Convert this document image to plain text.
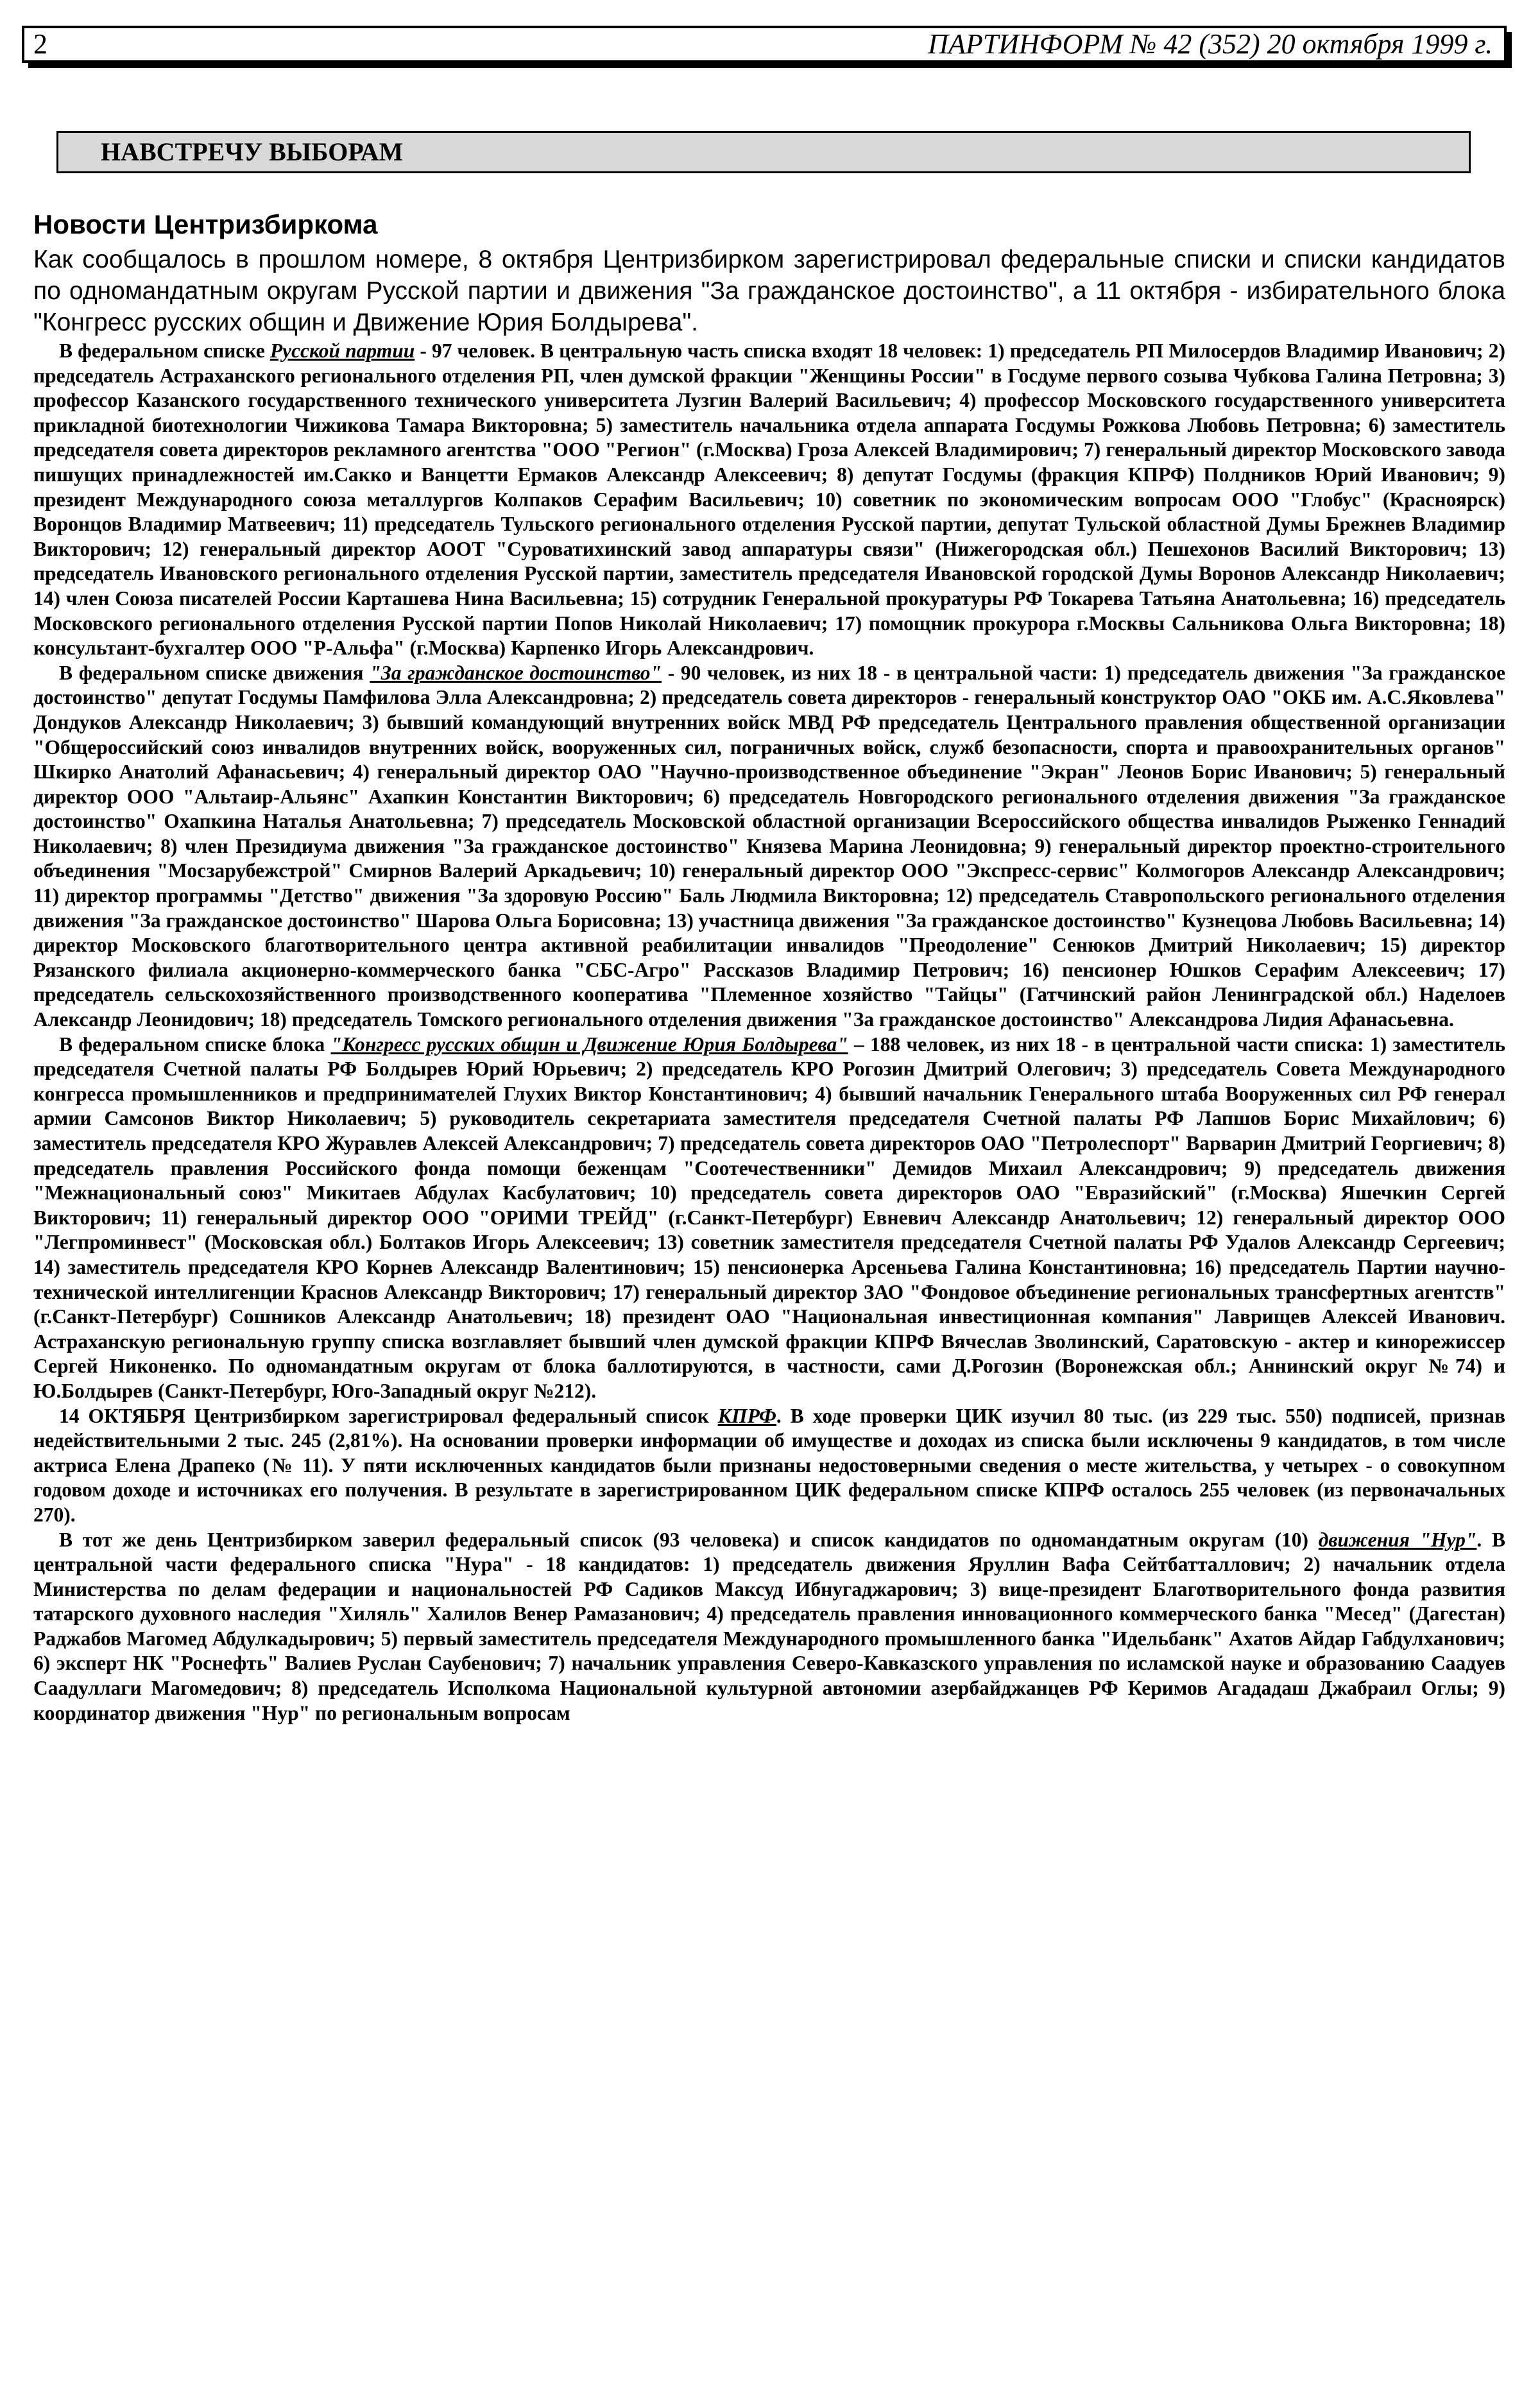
2	ПАРТИНФОРМ № 42 (352) 20 октября 1999 г.
НАВСТРЕЧУ ВЫБОРАМ
Новости Центризбиркома

Как сообщалось в прошлом номере, 8 октября Центризбирком зарегистрировал федеральные списки и списки кандидатов по одномандатным округам Русской партии и движения "За гражданское достоинство", а 11 октября - избирательного блока "Конгресс русских общин и Движение Юрия Болдырева".

В федеральном списке Русской партии - 97 человек. В центральную часть списка входят 18 человек: 1) председатель РП Милосердов Владимир Иванович; 2) председатель Астраханского регионального отделения РП, член думской фракции "Женщины России" в Госдуме первого созыва Чубкова Галина Петровна; 3) профессор Казанского государственного технического университета Лузгин Валерий Васильевич; 4) профессор Московского государственного университета прикладной биотехнологии Чижикова Тамара Викторовна; 5) заместитель начальника отдела аппарата Госдумы Рожкова Любовь Петровна; 6) заместитель председателя совета директоров рекламного агентства "ООО "Регион" (г.Москва) Гроза Алексей Владимирович; 7) генеральный директор Московского завода пишущих принадлежностей им.Сакко и Ванцетти Ермаков Александр Алексеевич; 8) депутат Госдумы (фракция КПРФ) Полдников Юрий Иванович; 9) президент Международного союза металлургов Колпаков Серафим Васильевич; 10) советник по экономическим вопросам ООО "Глобус" (Красноярск) Воронцов Владимир Матвеевич; 11) председатель Тульского регионального отделения Русской партии, депутат Тульской областной Думы Брежнев Владимир Викторович; 12) генеральный директор АООТ "Суроватихинский завод аппаратуры связи" (Нижегородская обл.) Пешехонов Василий Викторович; 13) председатель Ивановского регионального отделения Русской партии, заместитель председателя Ивановской городской Думы Воронов Александр Николаевич; 14) член Союза писателей России Карташева Нина Васильевна; 15) сотрудник Генеральной прокуратуры РФ Токарева Татьяна Анатольевна; 16) председатель Московского регионального отделения Русской партии Попов Николай Николаевич; 17) помощник прокурора г.Москвы Сальникова Ольга Викторовна; 18) консультант-бухгалтер ООО "Р-Альфа" (г.Москва) Карпенко Игорь Александрович.

В федеральном списке движения "За гражданское достоинство" - 90 человек, из них 18 - в центральной части: 1) председатель движения "За гражданское достоинство" депутат Госдумы Памфилова Элла Александровна; 2) председатель совета директоров - генеральный конструктор ОАО "ОКБ им. А.С.Яковлева" Дондуков Александр Николаевич; 3) бывший командующий внутренних войск МВД РФ председатель Центрального правления общественной организации "Общероссийский союз инвалидов внутренних войск, вооруженных сил, пограничных войск, служб безопасности, спорта и правоохранительных органов" Шкирко Анатолий Афанасьевич; 4) генеральный директор ОАО "Научно-производственное объединение "Экран" Леонов Борис Иванович; 5) генеральный директор ООО "Альтаир-Альянс" Ахапкин Константин Викторович; 6) председатель Новгородского регионального отделения движения "За гражданское достоинство" Охапкина Наталья Анатольевна; 7) председатель Московской областной организации Всероссийского общества инвалидов Рыженко Геннадий Николаевич; 8) член Президиума движения "За гражданское достоинство" Князева Марина Леонидовна; 9) генеральный директор проектно-строительного объединения "Мосзарубежстрой" Смирнов Валерий Аркадьевич; 10) генеральный директор ООО "Экспресс-сервис" Колмогоров Александр Александрович; 11) директор программы "Детство" движения "За здоровую Россию" Баль Людмила Викторовна; 12) председатель Ставропольского регионального отделения движения "За гражданское достоинство" Шарова Ольга Борисовна; 13) участница движения "За гражданское достоинство" Кузнецова Любовь Васильевна; 14) директор Московского благотворительного центра активной реабилитации инвалидов "Преодоление" Сенюков Дмитрий Николаевич; 15) директор Рязанского филиала акционерно-коммерческого банка "СБС-Агро" Рассказов Владимир Петрович; 16) пенсионер Юшков Серафим Алексеевич; 17) председатель сельскохозяйственного производственного кооператива "Племенное хозяйство "Тайцы" (Гатчинский район Ленинградской обл.) Наделоев Александр Леонидович; 18) председатель Томского регионального отделения движения "За гражданское достоинство" Александрова Лидия Афанасьевна.

В федеральном списке блока "Конгресс русских общин и Движение Юрия Болдырева" – 188 человек, из них 18 - в центральной части списка: 1) заместитель председателя Счетной палаты РФ Болдырев Юрий Юрьевич; 2) председатель КРО Рогозин Дмитрий Олегович; 3) председатель Совета Международного конгресса промышленников и предпринимателей Глухих Виктор Константинович; 4) бывший начальник Генерального штаба Вооруженных сил РФ генерал армии Самсонов Виктор Николаевич; 5) руководитель секретариата заместителя председателя Счетной палаты РФ Лапшов Борис Михайлович; 6) заместитель председателя КРО Журавлев Алексей Александрович; 7) председатель совета директоров ОАО "Петролеспорт" Варварин Дмитрий Георгиевич; 8) председатель правления Российского фонда помощи беженцам "Соотечественники" Демидов Михаил Александрович; 9) председатель движения "Межнациональный союз" Микитаев Абдулах Касбулатович; 10) председатель совета директоров ОАО "Евразийский" (г.Москва) Яшечкин Сергей Викторович; 11) генеральный директор ООО "ОРИМИ ТРЕЙД" (г.Санкт-Петербург) Евневич Александр Анатольевич; 12) генеральный директор ООО "Легпроминвест" (Московская обл.) Болтаков Игорь Алексеевич; 13) советник заместителя председателя Счетной палаты РФ Удалов Александр Сергеевич; 14) заместитель председателя КРО Корнев Александр Валентинович; 15) пенсионерка Арсеньева Галина Константиновна; 16) председатель Партии научно-технической интеллигенции Краснов Александр Викторович; 17) генеральный директор ЗАО "Фондовое объединение региональных трансфертных агентств" (г.Санкт-Петербург) Сошников Александр Анатольевич; 18) президент ОАО "Национальная инвестиционная компания" Лаврищев Алексей Иванович. Астраханскую региональную группу списка возглавляет бывший член думской фракции КПРФ Вячеслав Зволинский, Саратовскую - актер и кинорежиссер Сергей Никоненко. По одномандатным округам от блока баллотируются, в частности, сами Д.Рогозин (Воронежская обл.; Аннинский округ №74) и Ю.Болдырев (Санкт-Петербург, Юго-Западный округ №212).

14 ОКТЯБРЯ Центризбирком зарегистрировал федеральный список КПРФ. В ходе проверки ЦИК изучил 80 тыс. (из 229 тыс. 550) подписей, признав недействительными 2 тыс. 245 (2,81%). На основании проверки информации об имуществе и доходах из списка были исключены 9 кандидатов, в том числе актриса Елена Драпеко (№ 11). У пяти исключенных кандидатов были признаны недостоверными сведения о месте жительства, у четырех - о совокупном годовом доходе и источниках его получения. В результате в зарегистрированном ЦИК федеральном списке КПРФ осталось 255 человек (из первоначальных 270).

В тот же день Центризбирком заверил федеральный список (93 человека) и список кандидатов по одномандатным округам (10) движения "Нур". В центральной части федерального списка "Нура" - 18 кандидатов: 1) председатель движения Яруллин Вафа Сейтбатталлович; 2) начальник отдела Министерства по делам федерации и национальностей РФ Садиков Максуд Ибнугаджарович; 3) вице-президент Благотворительного фонда развития татарского духовного наследия "Хиляль" Халилов Венер Рамазанович; 4) председатель правления инновационного коммерческого банка "Месед" (Дагестан) Раджабов Магомед Абдулкадырович; 5) первый заместитель председателя Международного промышленного банка "Идельбанк" Ахатов Айдар Габдулханович; 6) эксперт НК "Роснефть" Валиев Руслан Саубенович; 7) начальник управления Северо-Кавказского управления по исламской науке и образованию Саадуев Саадуллаги Магомедович; 8) председатель Исполкома Национальной культурной автономии азербайджанцев РФ Керимов Агададаш Джабраил Оглы; 9) координатор движения "Нур" по региональным вопросам
